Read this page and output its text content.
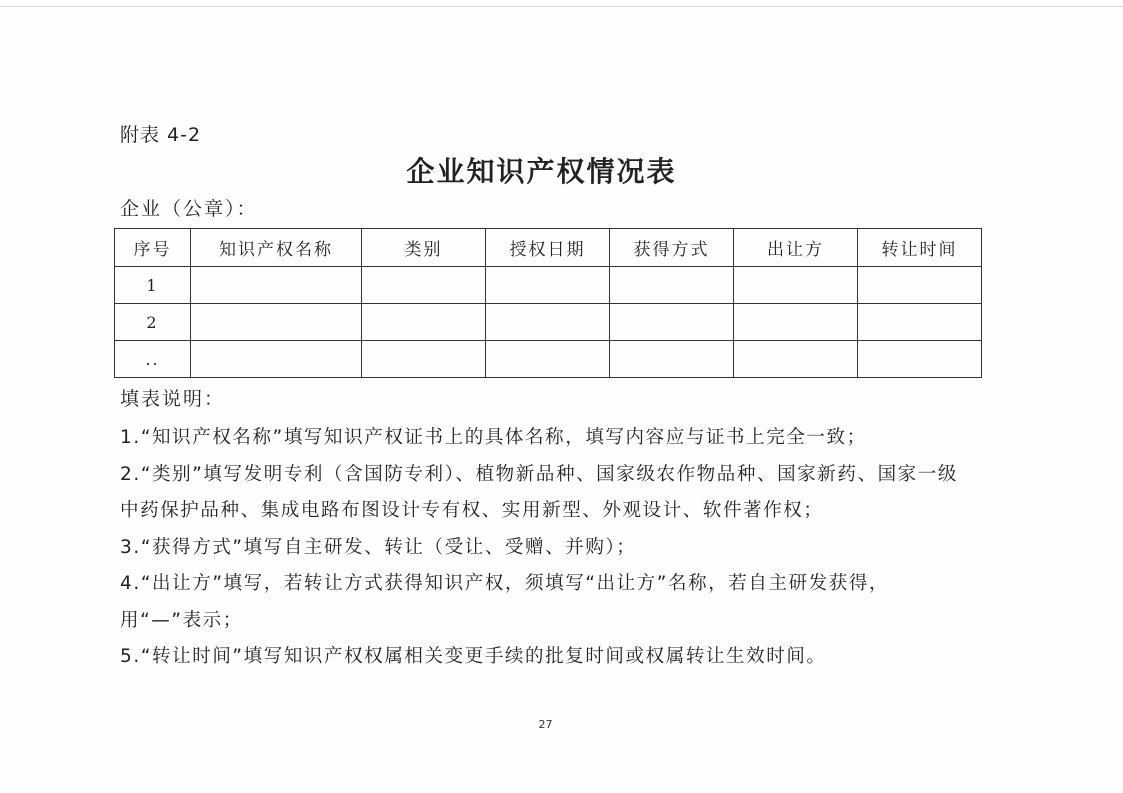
附表 4-2
企业知识产权情况表
企业（公章）：
序号	知识产权名称	类别	授权日期	获得方式	出让方	转让时间
1						
2						
..						
填表说明：
1.“知识产权名称”填写知识产权证书上的具体名称，填写内容应与证书上完全一致；
2.“类别”填写发明专利（含国防专利）、植物新品种、国家级农作物品种、国家新药、国家一级中药保护品种、集成电路布图设计专有权、实用新型、外观设计、软件著作权；
3.“获得方式”填写自主研发、转让（受让、受赠、并购）；
4.“出让方”填写，若转让方式获得知识产权，须填写“出让方”名称，若自主研发获得，用“—”表示；
5.“转让时间”填写知识产权权属相关变更手续的批复时间或权属转让生效时间。
27
